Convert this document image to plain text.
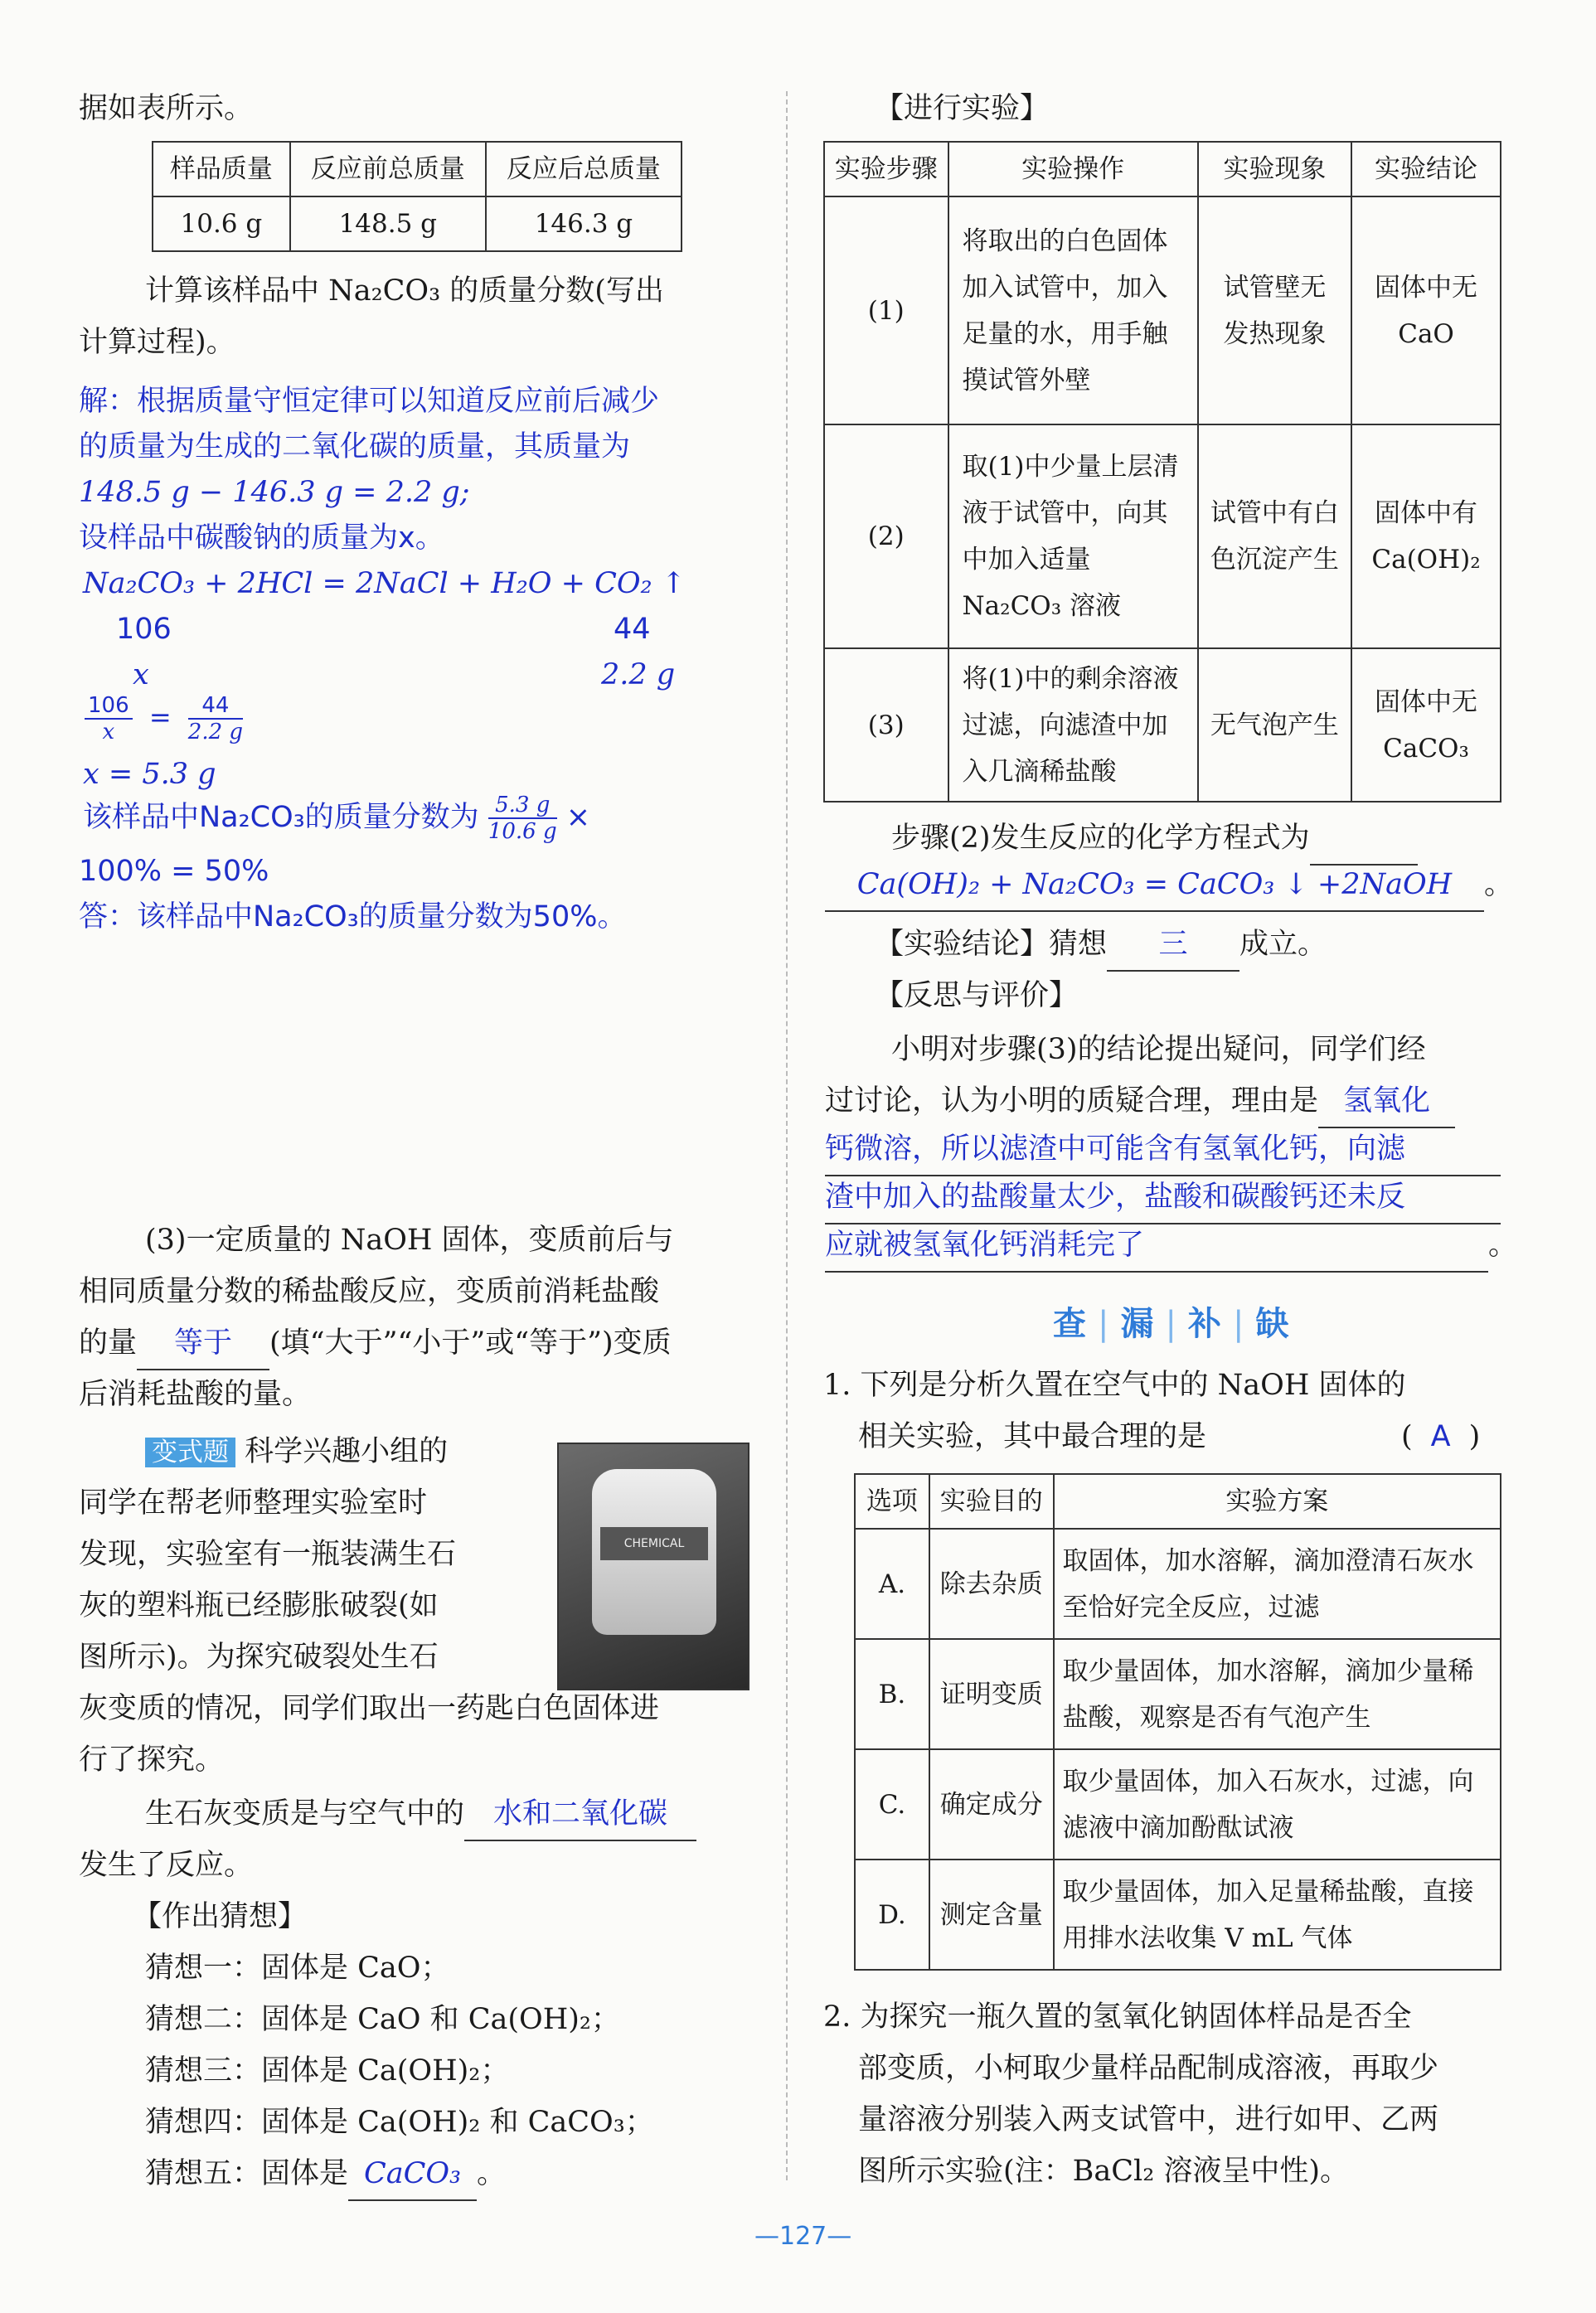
据如表所示。
样品质量	反应前总质量	反应后总质量
10.6 g	148.5 g	146.3 g
计算该样品中 Na₂CO₃ 的质量分数(写出
计算过程)。
解：根据质量守恒定律可以知道反应前后减少
的质量为生成的二氧化碳的质量，其质量为
148.5 g − 146.3 g = 2.2 g;
设样品中碳酸钠的质量为x。
Na₂CO₃ + 2HCl = 2NaCl + H₂O + CO₂ ↑
106	44
x	2.2 g
$\frac{106}{x} = \frac{44}{2.2 g}$
x = 5.3 g
该样品中Na₂CO₃的质量分数为 $\frac{5.3 g}{10.6 g}$ ×
100% = 50%
答：该样品中Na₂CO₃的质量分数为50%。
(3)一定质量的 NaOH 固体，变质前后与
相同质量分数的稀盐酸反应，变质前消耗盐酸
的量 等于 (填“大于”“小于”或“等于”)变质
后消耗盐酸的量。
变式题 科学兴趣小组的
同学在帮老师整理实验室时
发现，实验室有一瓶装满生石
灰的塑料瓶已经膨胀破裂(如
图所示)。为探究破裂处生石
灰变质的情况，同学们取出一药匙白色固体进
行了探究。
CHEMICAL
生石灰变质是与空气中的 水和二氧化碳
发生了反应。
【作出猜想】
猜想一：固体是 CaO；
猜想二：固体是 CaO 和 Ca(OH)₂；
猜想三：固体是 Ca(OH)₂；
猜想四：固体是 Ca(OH)₂ 和 CaCO₃；
猜想五：固体是 CaCO₃ 。
【进行实验】
实验步骤	实验操作	实验现象	实验结论
(1)	将取出的白色固体加入试管中，加入足量的水，用手触摸试管外壁	试管壁无发热现象	固体中无 CaO
(2)	取(1)中少量上层清液于试管中，向其中加入适量 Na₂CO₃ 溶液	试管中有白色沉淀产生	固体中有 Ca(OH)₂
(3)	将(1)中的剩余溶液过滤，向滤渣中加入几滴稀盐酸	无气泡产生	固体中无 CaCO₃
步骤(2)发生反应的化学方程式为
Ca(OH)₂ + Na₂CO₃ = CaCO₃ ↓ +2NaOH 。
【实验结论】猜想 三 成立。
【反思与评价】
小明对步骤(3)的结论提出疑问，同学们经
过讨论，认为小明的质疑合理，理由是 氢氧化
钙微溶，所以滤渣中可能含有氢氧化钙，向滤
渣中加入的盐酸量太少，盐酸和碳酸钙还未反
应就被氢氧化钙消耗完了	。
查 | 漏 | 补 | 缺
1. 下列是分析久置在空气中的 NaOH 固体的
相关实验，其中最合理的是	( A )
选项	实验目的	实验方案
A.	除去杂质	取固体，加水溶解，滴加澄清石灰水至恰好完全反应，过滤
B.	证明变质	取少量固体，加水溶解，滴加少量稀盐酸，观察是否有气泡产生
C.	确定成分	取少量固体，加入石灰水，过滤，向滤液中滴加酚酞试液
D.	测定含量	取少量固体，加入足量稀盐酸，直接用排水法收集 V mL 气体
2. 为探究一瓶久置的氢氧化钠固体样品是否全
部变质，小柯取少量样品配制成溶液，再取少
量溶液分别装入两支试管中，进行如甲、乙两
图所示实验(注：BaCl₂ 溶液呈中性)。
—127—
